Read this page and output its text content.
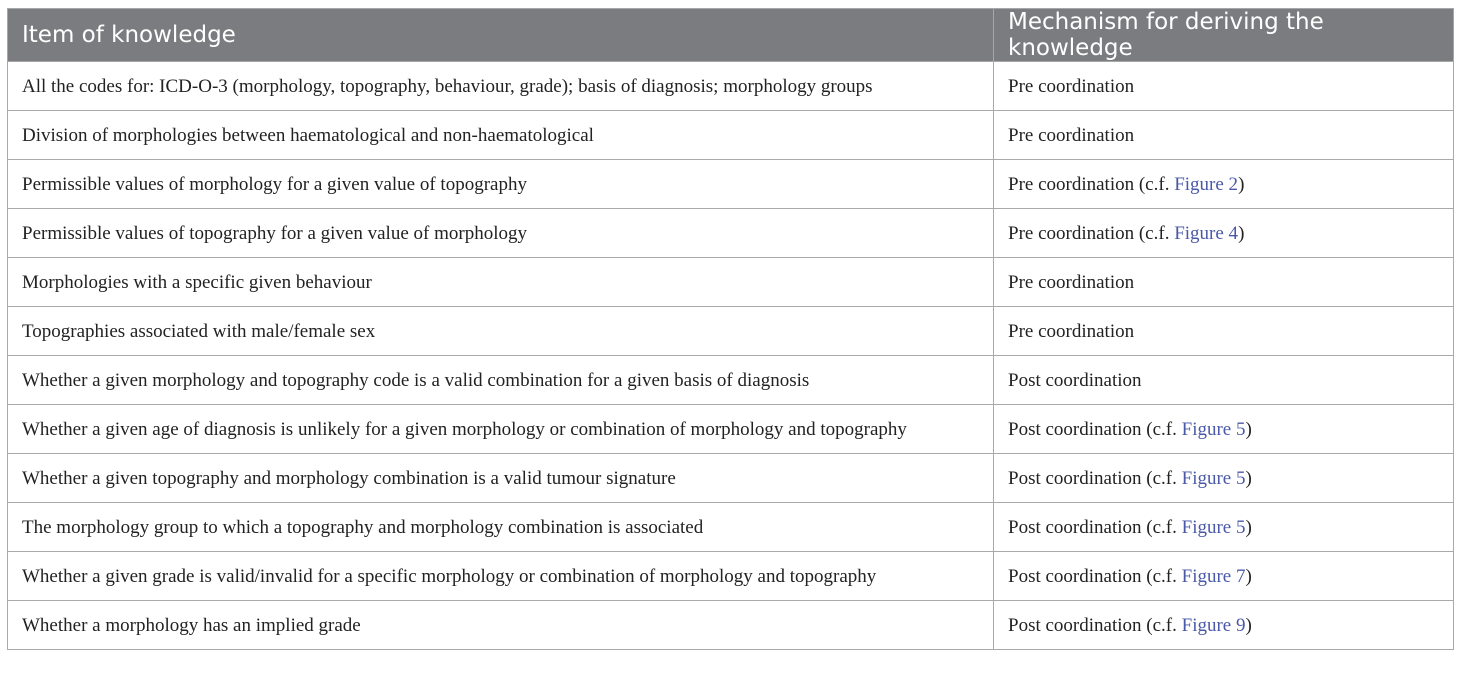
Item of knowledge	Mechanism for deriving the knowledge
All the codes for: ICD-O-3 (morphology, topography, behaviour, grade); basis of diagnosis; morphology groups	Pre coordination
Division of morphologies between haematological and non-haematological	Pre coordination
Permissible values of morphology for a given value of topography	Pre coordination (c.f. Figure 2)
Permissible values of topography for a given value of morphology	Pre coordination (c.f. Figure 4)
Morphologies with a specific given behaviour	Pre coordination
Topographies associated with male/female sex	Pre coordination
Whether a given morphology and topography code is a valid combination for a given basis of diagnosis	Post coordination
Whether a given age of diagnosis is unlikely for a given morphology or combination of morphology and topography	Post coordination (c.f. Figure 5)
Whether a given topography and morphology combination is a valid tumour signature	Post coordination (c.f. Figure 5)
The morphology group to which a topography and morphology combination is associated	Post coordination (c.f. Figure 5)
Whether a given grade is valid/invalid for a specific morphology or combination of morphology and topography	Post coordination (c.f. Figure 7)
Whether a morphology has an implied grade	Post coordination (c.f. Figure 9)
